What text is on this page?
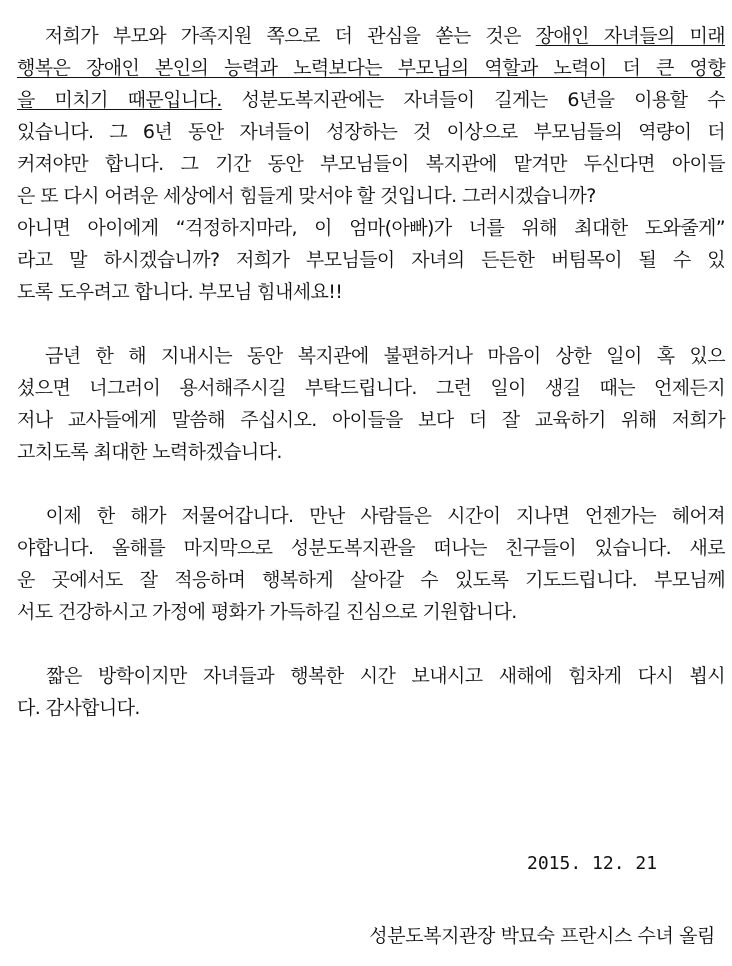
　저희가 부모와 가족지원 쪽으로 더 관심을 쏟는 것은 장애인 자녀들의 미래
행복은 장애인 본인의 능력과 노력보다는 부모님의 역할과 노력이 더 큰 영향
을 미치기 때문입니다. 성분도복지관에는 자녀들이 길게는 6년을 이용할 수
있습니다. 그 6년 동안 자녀들이 성장하는 것 이상으로 부모님들의 역량이 더
커져야만 합니다. 그 기간 동안 부모님들이 복지관에 맡겨만 두신다면 아이들
은 또 다시 어려운 세상에서 힘들게 맞서야 할 것입니다. 그러시겠습니까?
아니면 아이에게 “걱정하지마라, 이 엄마(아빠)가 너를 위해 최대한 도와줄게”
라고 말 하시겠습니까? 저희가 부모님들이 자녀의 든든한 버팀목이 될 수 있
도록 도우려고 합니다. 부모님 힘내세요!!
　금년 한 해 지내시는 동안 복지관에 불편하거나 마음이 상한 일이 혹 있으
셨으면 너그러이 용서해주시길 부탁드립니다. 그런 일이 생길 때는 언제든지
저나 교사들에게 말씀해 주십시오. 아이들을 보다 더 잘 교육하기 위해 저희가
고치도록 최대한 노력하겠습니다.
　이제 한 해가 저물어갑니다. 만난 사람들은 시간이 지나면 언젠가는 헤어져
야합니다. 올해를 마지막으로 성분도복지관을 떠나는 친구들이 있습니다. 새로
운 곳에서도 잘 적응하며 행복하게 살아갈 수 있도록 기도드립니다. 부모님께
서도 건강하시고 가정에 평화가 가득하길 진심으로 기원합니다.
　짧은 방학이지만 자녀들과 행복한 시간 보내시고 새해에 힘차게 다시 뵙시
다. 감사합니다.
2015. 12. 21
성분도복지관장 박묘숙 프란시스 수녀 올림
